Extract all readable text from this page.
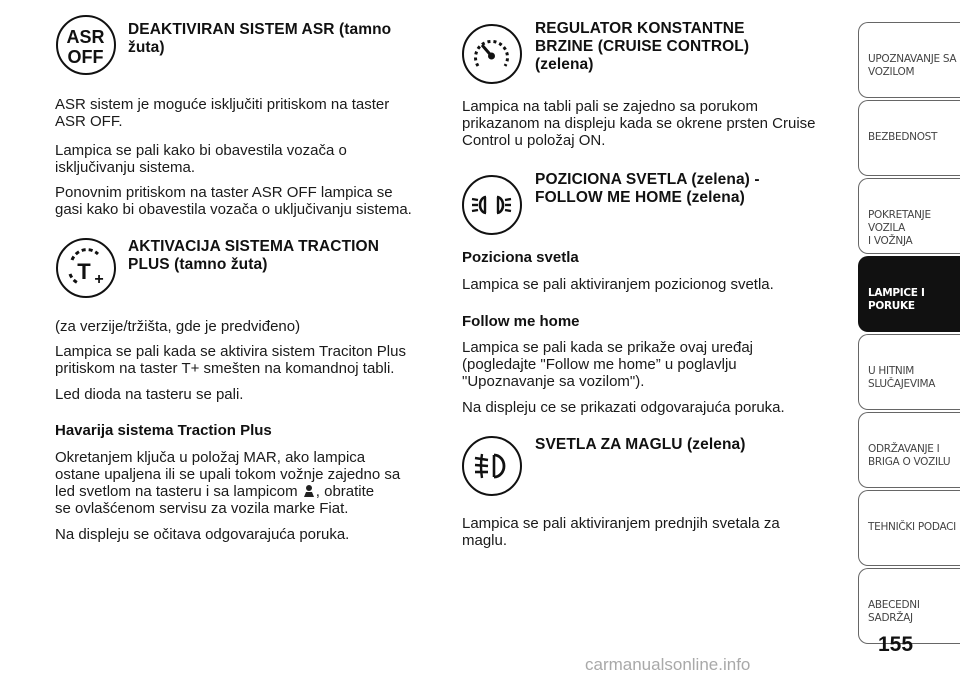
ASR
OFF
DEAKTIVIRAN SISTEM ASR (tamno
žuta)
ASR sistem je moguće isključiti pritiskom na taster
ASR OFF.
Lampica se pali kako bi obavestila vozača o
isključivanju sistema.
Ponovnim pritiskom na taster ASR OFF lampica se
gasi kako bi obavestila vozača o uključivanju sistema.
T +
AKTIVACIJA SISTEMA TRACTION
PLUS (tamno žuta)
(za verzije/tržišta, gde je predviđeno)
Lampica se pali kada se aktivira sistem Traciton Plus
pritiskom na taster T+ smešten na komandnoj tabli.
Led dioda na tasteru se pali.
Havarija sistema Traction Plus
Okretanjem ključa u položaj MAR, ako lampica
ostane upaljena ili se upali tokom vožnje zajedno sa
led svetlom na tasteru i sa lampicom , obratite
se ovlašćenom servisu za vozila marke Fiat.
Na displeju se očitava odgovarajuća poruka.
REGULATOR KONSTANTNE
BRZINE (CRUISE CONTROL)
(zelena)
Lampica na tabli pali se zajedno sa porukom
prikazanom na displeju kada se okrene prsten Cruise
Control u položaj ON.
POZICIONA SVETLA (zelena) -
FOLLOW ME HOME (zelena)
Poziciona svetla
Lampica se pali aktiviranjem pozicionog svetla.
Follow me home
Lampica se pali kada se prikaže ovaj uređaj
(pogledajte "Follow me home” u poglavlju
"Upoznavanje sa vozilom").
Na displeju ce se prikazati odgovarajuća poruka.
SVETLA ZA MAGLU (zelena)
Lampica se pali aktiviranjem prednjih svetala za
maglu.
UPOZNAVANJE SA
VOZILOM
BEZBEDNOST
POKRETANJE VOZILA
I VOŽNJA
LAMPICE I
PORUKE
U HITNIM
SLUČAJEVIMA
ODRŽAVANJE I
BRIGA O VOZILU
TEHNIČKI PODACI
ABECEDNI SADRŽAJ
155
carmanualsonline.info
